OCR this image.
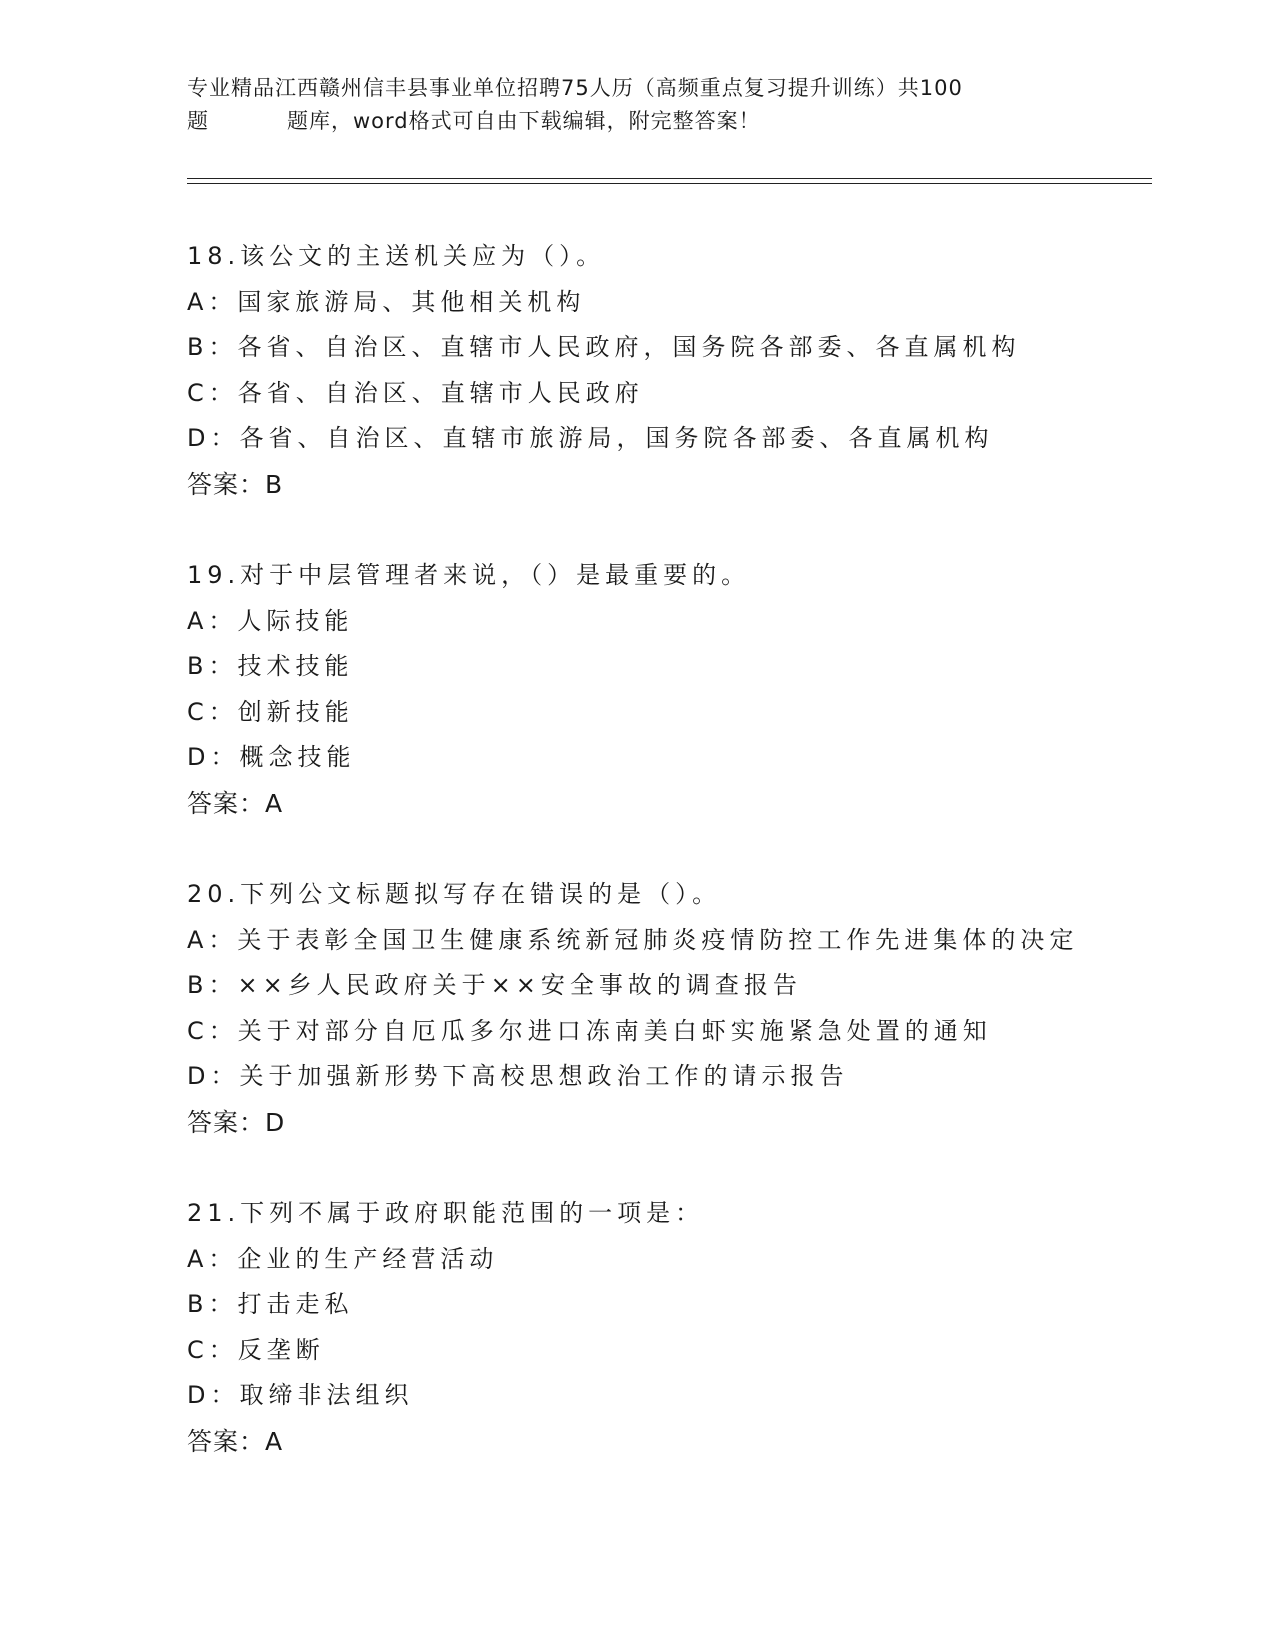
专业精品江西赣州信丰县事业单位招聘75人历（高频重点复习提升训练）共100
题	题库，word格式可自由下载编辑，附完整答案！
18.该公文的主送机关应为（）。
A：国家旅游局、其他相关机构
B：各省、自治区、直辖市人民政府，国务院各部委、各直属机构
C：各省、自治区、直辖市人民政府
D：各省、自治区、直辖市旅游局，国务院各部委、各直属机构
答案：B
19.对于中层管理者来说，（）是最重要的。
A：人际技能
B：技术技能
C：创新技能
D：概念技能
答案：A
20.下列公文标题拟写存在错误的是（）。
A：关于表彰全国卫生健康系统新冠肺炎疫情防控工作先进集体的决定
B：××乡人民政府关于××安全事故的调查报告
C：关于对部分自厄瓜多尔进口冻南美白虾实施紧急处置的通知
D：关于加强新形势下高校思想政治工作的请示报告
答案：D
21.下列不属于政府职能范围的一项是：
A：企业的生产经营活动
B：打击走私
C：反垄断
D：取缔非法组织
答案：A
